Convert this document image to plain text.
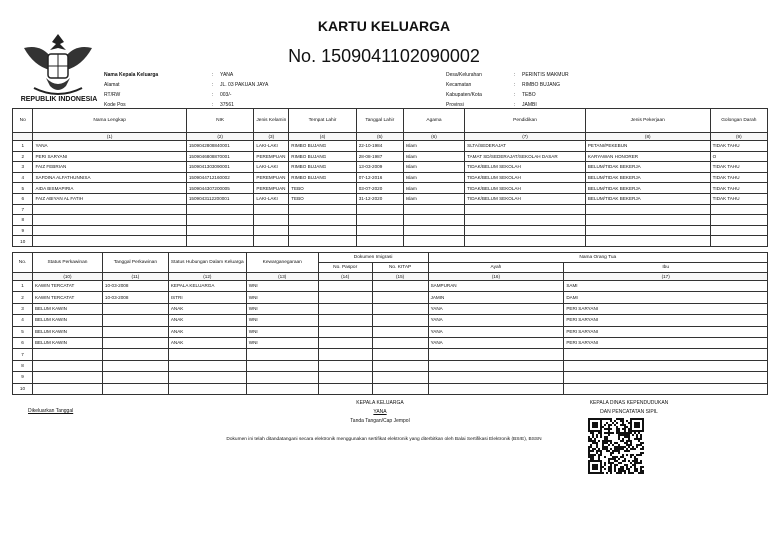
KARTU KELUARGA
No. 1509041102090002
REPUBLIK INDONESIA
Nama Kepala Keluarga	: YANA
Alamat	: JL. 03 PAKUAN JAYA
RT/RW	: 003/-
Kode Pos	: 37561
Desa/Kelurahan	: PERINTIS MAKMUR
Kecamatan	: RIMBO BUJANG
Kabupaten/Kota	: TEBO
Provinsi	: JAMBI
No	Nama Lengkap	NIK	Jenis Kelamin	Tempat Lahir	Tanggal Lahir	Agama	Pendidikan	Jenis Pekerjaan	Golongan Darah
	(1)	(2)	(3)	(4)	(5)	(6)	(7)	(8)	(9)
1	YANA	1509042808840001	LAKI-LAKI	RIMBO BUJANG	22-10-1984	Islam	SLTA/SEDERAJAT	PETANI/PEKEBUN	TIDAK TAHU
2	PERI SARYANI	1509046808870001	PEREMPUAN	RIMBO BUJANG	28-08-1987	Islam	TAMAT SD/SEDERAJAT/SEKOLAH DASAR	KARYAWAN HONORER	O
3	FAIZ FEBRIAN	1509041303090001	LAKI-LAKI	RIMBO BUJANG	13-03-2009	Islam	TIDAK/BELUM SEKOLAH	BELUM/TIDAK BEKERJA	TIDAK TAHU
4	SAFDINA ALFATHUNNISA	1509044712160002	PEREMPUAN	RIMBO BUJANG	07-12-2016	Islam	TIDAK/BELUM SEKOLAH	BELUM/TIDAK BEKERJA	TIDAK TAHU
5	AIDA BISMAPIRIA	1509044307200005	PEREMPUAN	TEBO	03-07-2020	Islam	TIDAK/BELUM SEKOLAH	BELUM/TIDAK BEKERJA	TIDAK TAHU
6	FAIZ ABIYAN AL FATIH	1509043112200001	LAKI-LAKI	TEBO	31-12-2020	Islam	TIDAK/BELUM SEKOLAH	BELUM/TIDAK BEKERJA	TIDAK TAHU
7									
8									
9									
10									
No.	Status Perkawinan	Tanggal Perkawinan	Status Hubungan Dalam Keluarga	Kewarganegaraan	Dokumen Imigrasi		Nama Orang Tua	
					No. Paspor	No. KITAP	Ayah	Ibu
	(10)	(11)	(12)	(13)	(14)	(15)	(16)	(17)
1	KAWIN TERCATAT	10-03-2008	KEPALA KELUARGA	WNI			SAMPURAN	SAMI
2	KAWIN TERCATAT	10-03-2008	ISTRI	WNI			JAMIN	DAMI
3	BELUM KAWIN		ANAK	WNI			YANA	PERI SARYANI
4	BELUM KAWIN		ANAK	WNI			YANA	PERI SARYANI
5	BELUM KAWIN		ANAK	WNI			YANA	PERI SARYANI
6	BELUM KAWIN		ANAK	WNI			YANA	PERI SARYANI
7								
8								
9								
10								
Dikeluarkan Tanggal
KEPALA KELUARGA
YANA
Tanda Tangan/Cap Jempol
KEPALA DINAS KEPENDUDUKAN
DAN PENCATATAN SIPIL
Dokumen ini telah ditandatangani secara elektronik menggunakan sertifikat elektronik yang diterbitkan oleh Balai Sertifikasi Elektronik (BSrE), BSSN
